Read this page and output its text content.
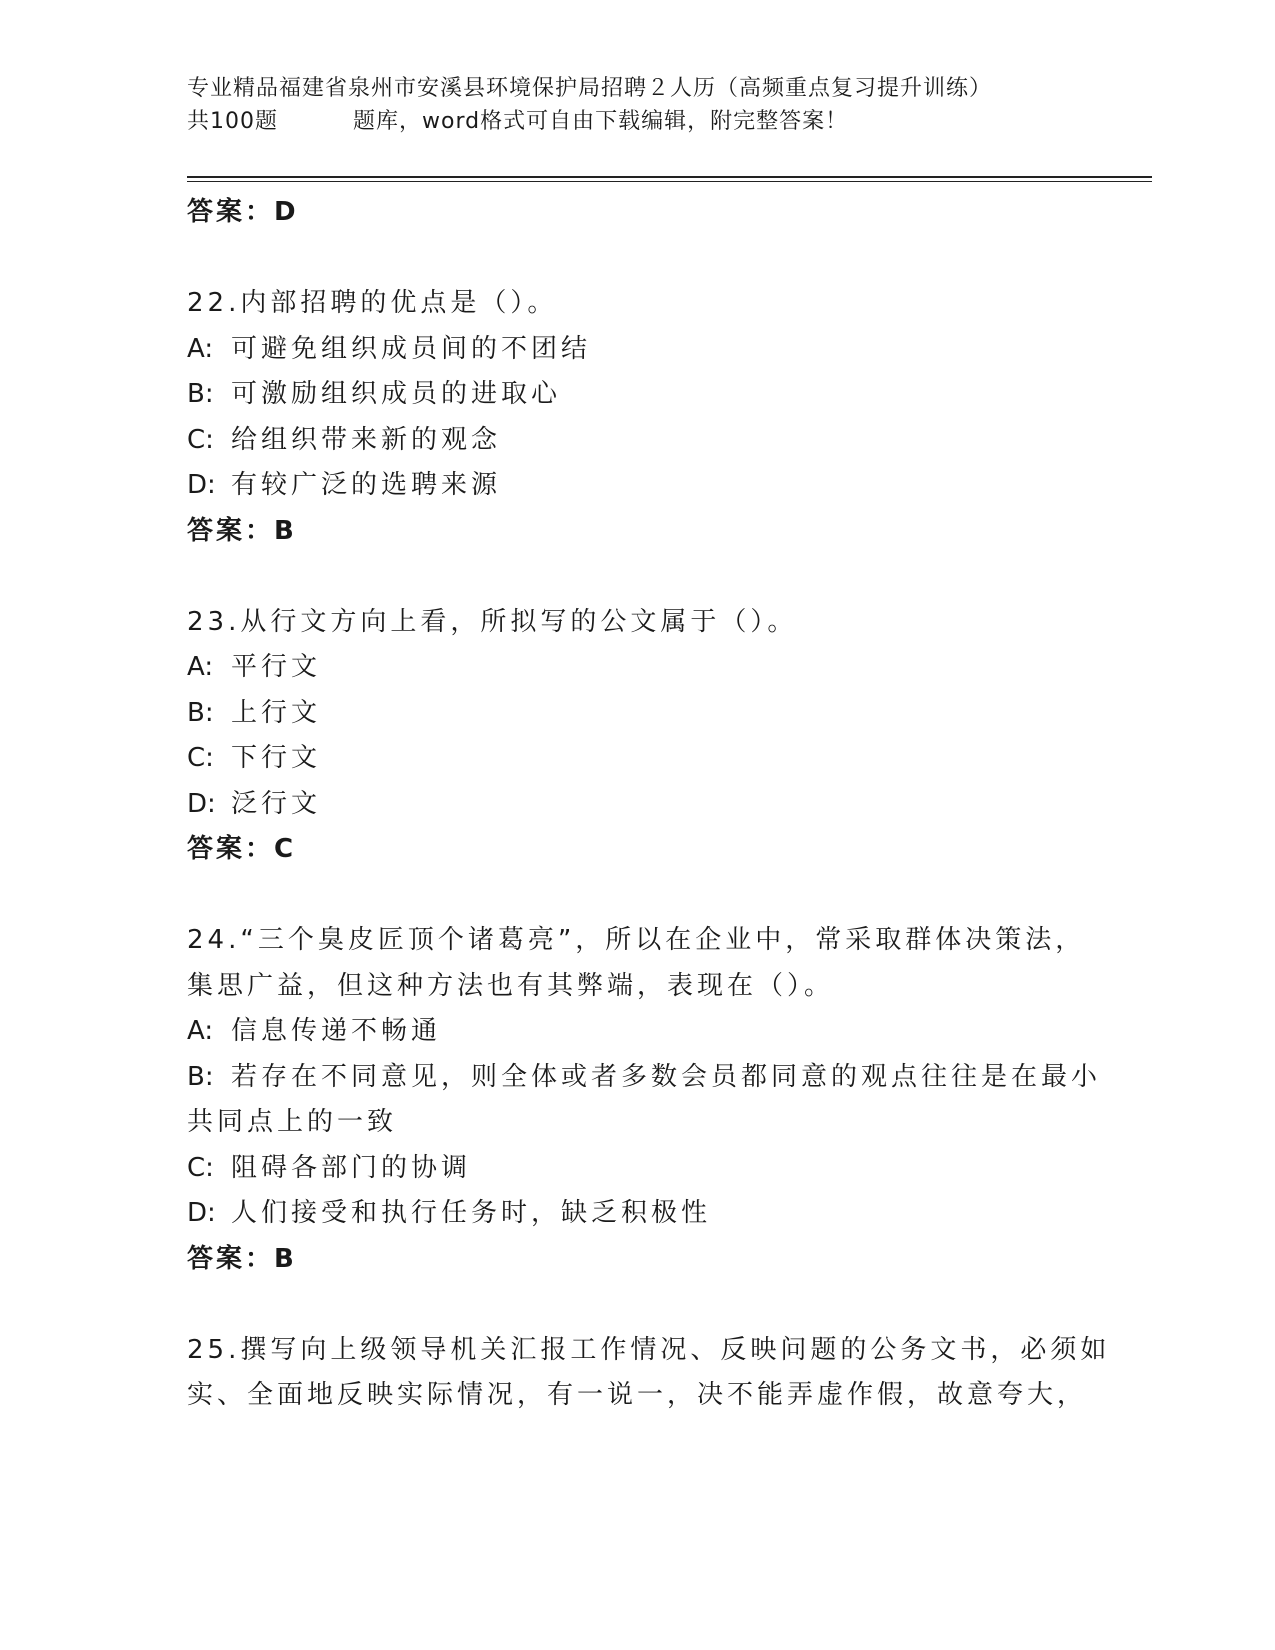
专业精品福建省泉州市安溪县环境保护局招聘２人历（高频重点复习提升训练）
共100题	题库，word格式可自由下载编辑，附完整答案！
答案：D
22.内部招聘的优点是（）。
A: 可避免组织成员间的不团结
B: 可激励组织成员的进取心
C: 给组织带来新的观念
D: 有较广泛的选聘来源
答案：B
23.从行文方向上看，所拟写的公文属于（）。
A: 平行文
B: 上行文
C: 下行文
D: 泛行文
答案：C
24.“三个臭皮匠顶个诸葛亮”，所以在企业中，常采取群体决策法，
集思广益，但这种方法也有其弊端，表现在（）。
A: 信息传递不畅通
B: 若存在不同意见，则全体或者多数会员都同意的观点往往是在最小
共同点上的一致
C: 阻碍各部门的协调
D: 人们接受和执行任务时，缺乏积极性
答案：B
25.撰写向上级领导机关汇报工作情况、反映问题的公务文书，必须如
实、全面地反映实际情况，有一说一，决不能弄虚作假，故意夸大，
